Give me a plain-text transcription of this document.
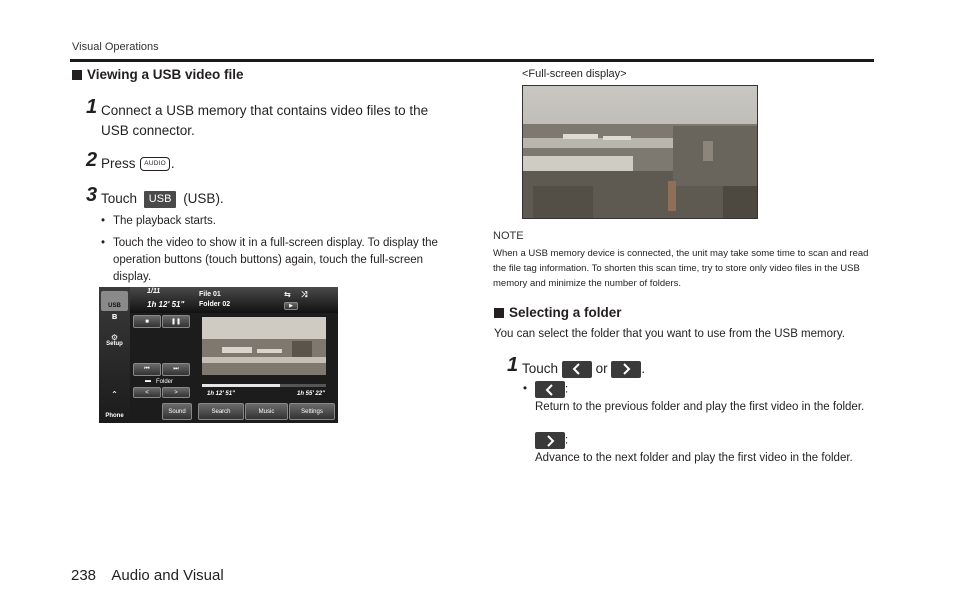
Visual Operations
Viewing a USB video file
1 Connect a USB memory that contains video files to the USB connector.
2 Press AUDIO .
3 Touch USB (USB).
• The playback starts.
• Touch the video to show it in a full-screen display. To display the operation buttons (touch buttons) again, touch the full-screen display.
USB
ʙ
⚙
Setup
⌃
Phone
1/11
1h 12' 51"
File 01
Folder 02
⇆ ⤨
▶
■	❚❚
⏮	⏭
▬ Folder
<	>	1h 12' 51"	1h 55' 22"
Sound	Search	Music	Settings
<Full-screen display>
NOTE
When a USB memory device is connected, the unit may take some time to scan and read the file tag information. To shorten this scan time, try to store only video files in the USB memory and minimize the number of folders.
Selecting a folder
You can select the folder that you want to use from the USB memory.
1 Touch	or	.
• :
Return to the previous folder and play the first video in the folder.
:
Advance to the next folder and play the first video in the folder.
238 Audio and Visual
